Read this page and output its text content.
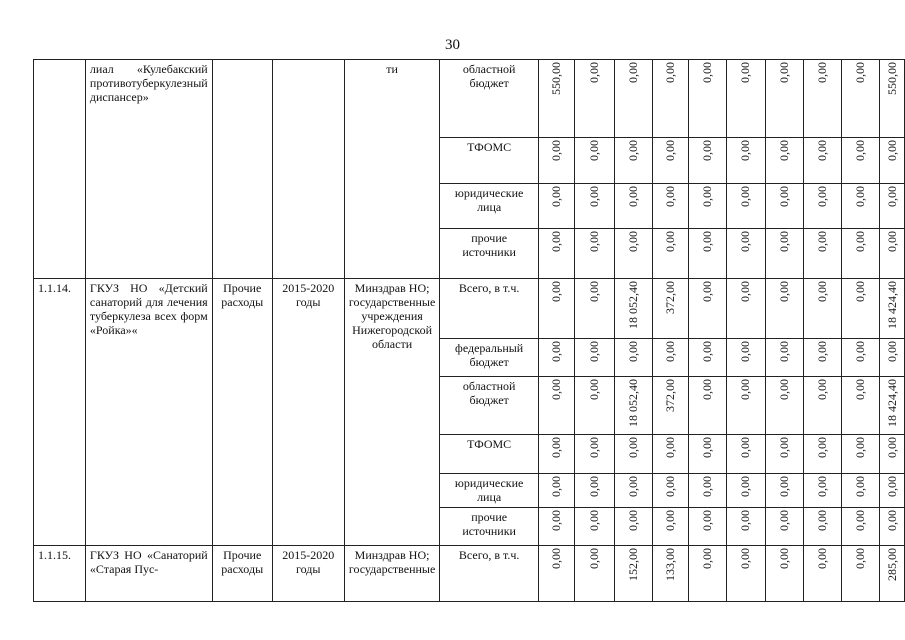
30
	лиал «Кулебакский противотуберкулезный диспансер»			ти	областной бюджет	550,00	0,00	0,00	0,00	0,00	0,00	0,00	0,00	0,00	550,00
					ТФОМС	0,00	0,00	0,00	0,00	0,00	0,00	0,00	0,00	0,00	0,00
					юридические лица	0,00	0,00	0,00	0,00	0,00	0,00	0,00	0,00	0,00	0,00
					прочие источники	0,00	0,00	0,00	0,00	0,00	0,00	0,00	0,00	0,00	0,00
1.1.14.	ГКУЗ НО «Детский санаторий для лечения туберкулеза всех форм «Ройка»«	Прочие расходы	2015-2020 годы	Минздрав НО; государственные учреждения Нижегородской области	Всего, в т.ч.	0,00	0,00	18 052,40	372,00	0,00	0,00	0,00	0,00	0,00	18 424,40
					федеральный бюджет	0,00	0,00	0,00	0,00	0,00	0,00	0,00	0,00	0,00	0,00
					областной бюджет	0,00	0,00	18 052,40	372,00	0,00	0,00	0,00	0,00	0,00	18 424,40
					ТФОМС	0,00	0,00	0,00	0,00	0,00	0,00	0,00	0,00	0,00	0,00
					юридические лица	0,00	0,00	0,00	0,00	0,00	0,00	0,00	0,00	0,00	0,00
					прочие источники	0,00	0,00	0,00	0,00	0,00	0,00	0,00	0,00	0,00	0,00
1.1.15.	ГКУЗ НО «Санаторий «Старая Пус-	Прочие расходы	2015-2020 годы	Минздрав НО; государственные	Всего, в т.ч.	0,00	0,00	152,00	133,00	0,00	0,00	0,00	0,00	0,00	285,00
